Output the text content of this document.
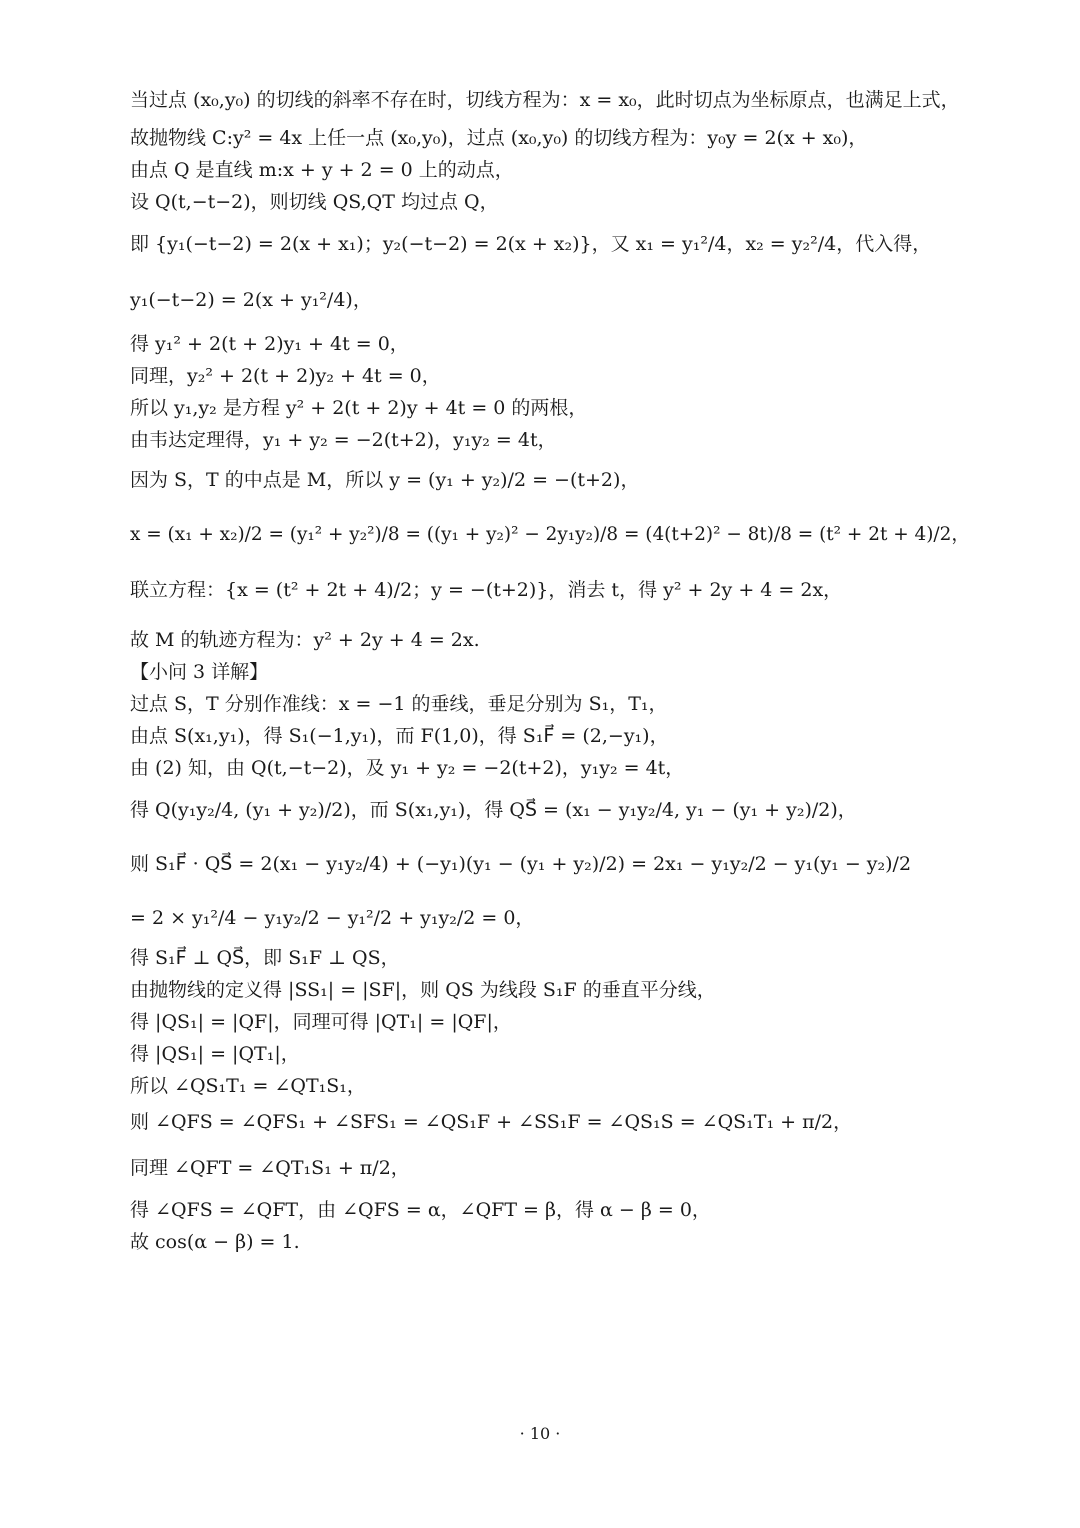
当过点 (x₀,y₀) 的切线的斜率不存在时，切线方程为：x = x₀，此时切点为坐标原点，也满足上式，

故抛物线 C:y² = 4x 上任一点 (x₀,y₀)，过点 (x₀,y₀) 的切线方程为：y₀y = 2(x + x₀)，

由点 Q 是直线 m:x + y + 2 = 0 上的动点，

设 Q(t,−t−2)，则切线 QS,QT 均过点 Q，

即 {y₁(−t−2) = 2(x + x₁)；y₂(−t−2) = 2(x + x₂)}，又 x₁ = y₁²/4，x₂ = y₂²/4，代入得，

y₁(−t−2) = 2(x + y₁²/4)，

得 y₁² + 2(t + 2)y₁ + 4t = 0，

同理，y₂² + 2(t + 2)y₂ + 4t = 0，

所以 y₁,y₂ 是方程 y² + 2(t + 2)y + 4t = 0 的两根，

由韦达定理得，y₁ + y₂ = −2(t+2)，y₁y₂ = 4t，

因为 S，T 的中点是 M，所以 y = (y₁ + y₂)/2 = −(t+2)，

x = (x₁ + x₂)/2 = (y₁² + y₂²)/8 = ((y₁ + y₂)² − 2y₁y₂)/8 = (4(t+2)² − 8t)/8 = (t² + 2t + 4)/2，

联立方程：{x = (t² + 2t + 4)/2；y = −(t+2)}，消去 t，得 y² + 2y + 4 = 2x，

故 M 的轨迹方程为：y² + 2y + 4 = 2x.

【小问 3 详解】

过点 S，T 分别作准线：x = −1 的垂线，垂足分别为 S₁，T₁，

由点 S(x₁,y₁)，得 S₁(−1,y₁)，而 F(1,0)，得 S₁F⃗ = (2,−y₁)，

由 (2) 知，由 Q(t,−t−2)，及 y₁ + y₂ = −2(t+2)，y₁y₂ = 4t，

得 Q(y₁y₂/4, (y₁ + y₂)/2)，而 S(x₁,y₁)，得 QS⃗ = (x₁ − y₁y₂/4, y₁ − (y₁ + y₂)/2)，

则 S₁F⃗ · QS⃗ = 2(x₁ − y₁y₂/4) + (−y₁)(y₁ − (y₁ + y₂)/2) = 2x₁ − y₁y₂/2 − y₁(y₁ − y₂)/2

= 2 × y₁²/4 − y₁y₂/2 − y₁²/2 + y₁y₂/2 = 0，

得 S₁F⃗ ⊥ QS⃗，即 S₁F ⊥ QS，

由抛物线的定义得 |SS₁| = |SF|，则 QS 为线段 S₁F 的垂直平分线，

得 |QS₁| = |QF|，同理可得 |QT₁| = |QF|，

得 |QS₁| = |QT₁|，

所以 ∠QS₁T₁ = ∠QT₁S₁，

则 ∠QFS = ∠QFS₁ + ∠SFS₁ = ∠QS₁F + ∠SS₁F = ∠QS₁S = ∠QS₁T₁ + π/2，

同理 ∠QFT = ∠QT₁S₁ + π/2，

得 ∠QFS = ∠QFT，由 ∠QFS = α，∠QFT = β，得 α − β = 0，

故 cos(α − β) = 1.

· 10 ·
